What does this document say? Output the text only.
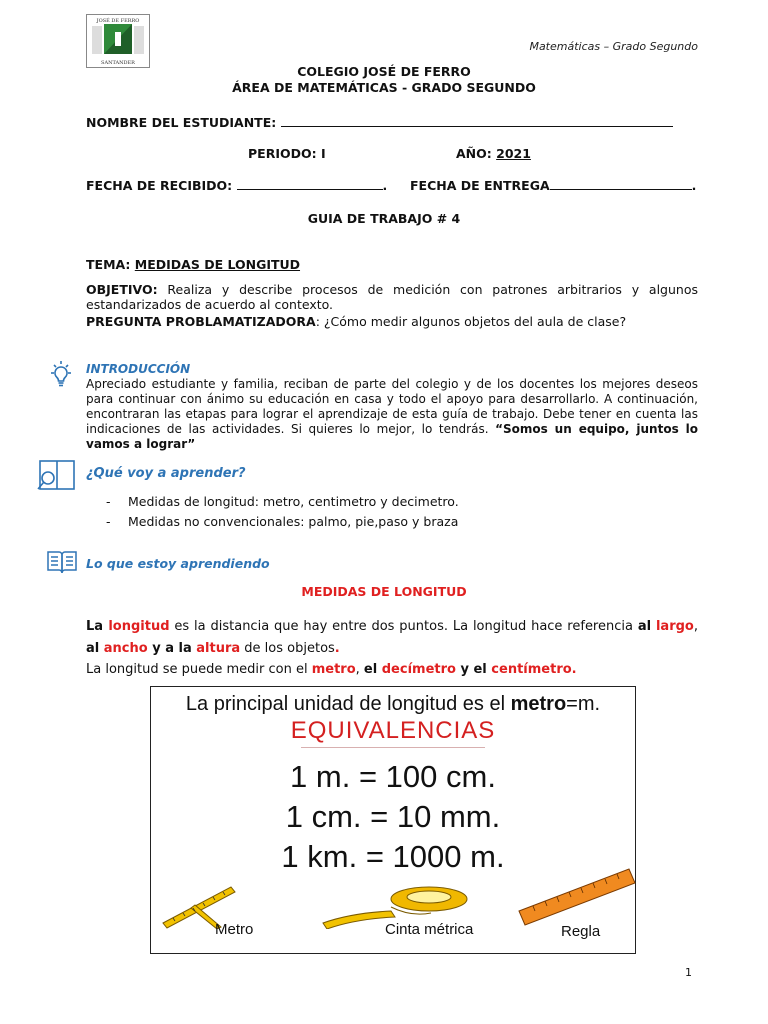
JOSÉ DE FERRO
SANTANDER
Matemáticas – Grado Segundo
COLEGIO JOSÉ DE FERRO
ÁREA DE MATEMÁTICAS - GRADO SEGUNDO
NOMBRE DEL ESTUDIANTE:
PERIODO: I	AÑO: 2021
FECHA DE RECIBIDO:	.  FECHA DE ENTREGA	.
GUIA DE TRABAJO # 4
TEMA: MEDIDAS DE LONGITUD
OBJETIVO: Realiza y describe procesos de medición con patrones arbitrarios y algunos estandarizados de acuerdo al contexto.
PREGUNTA PROBLAMATIZADORA: ¿Cómo medir algunos objetos del aula de clase?
INTRODUCCIÓN
Apreciado estudiante y familia, reciban de parte del colegio y de los docentes los mejores deseos para continuar con ánimo su educación en casa y todo el apoyo para desarrollarlo. A continuación, encontraran las etapas para lograr el aprendizaje de esta guía de trabajo. Debe tener en cuenta las indicaciones de las actividades. Si quieres lo mejor, lo tendrás. “Somos un equipo, juntos lo vamos a lograr”
¿Qué voy a aprender?
- Medidas de longitud: metro, centimetro y decimetro.
- Medidas no convencionales: palmo, pie,paso y braza
Lo que estoy aprendiendo
MEDIDAS DE LONGITUD
La longitud es la distancia que hay entre dos puntos. La longitud hace referencia al largo, al ancho y a la altura de los objetos.
La longitud se puede medir con el metro, el decímetro y el centímetro.
La principal unidad de longitud es el metro=m.
EQUIVALENCIAS
1 m. = 100 cm.
1 cm. = 10 mm.
1 km. = 1000 m.
Metro	Cinta métrica	Regla
1
